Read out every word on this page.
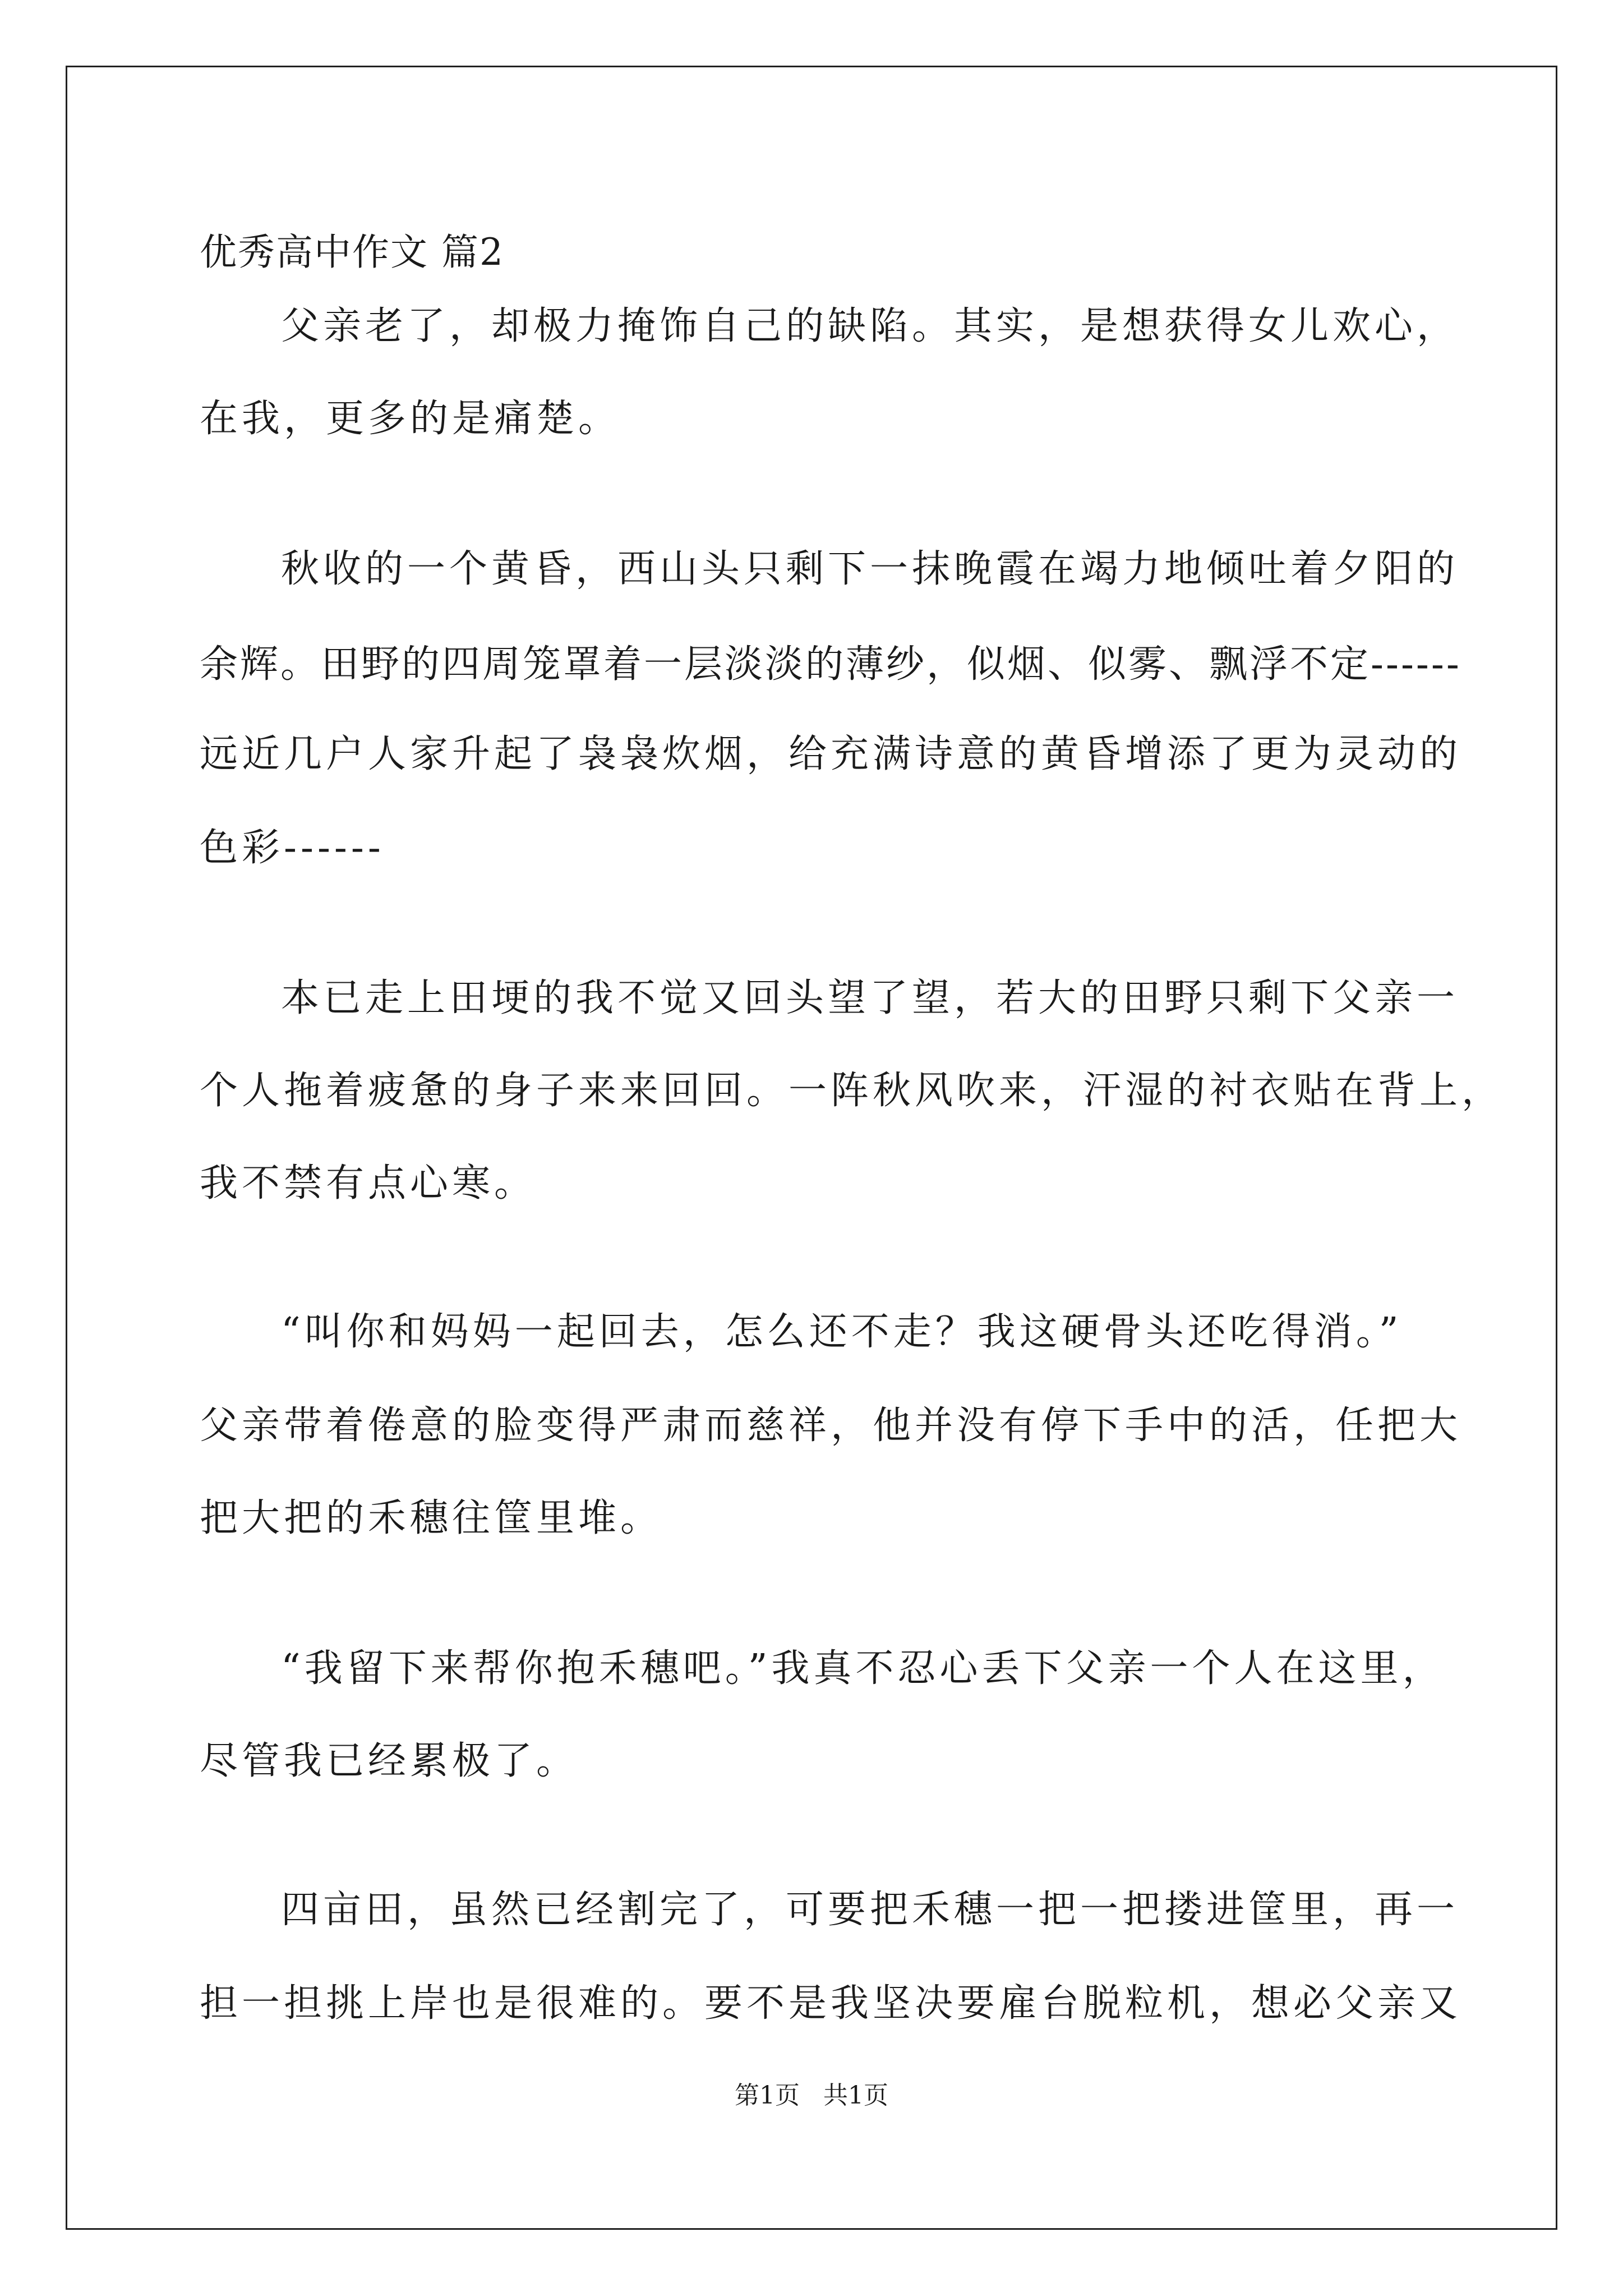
优秀高中作文 篇2
父亲老了，却极力掩饰自己的缺陷。其实，是想获得女儿欢心，
在我，更多的是痛楚。
秋收的一个黄昏，西山头只剩下一抹晚霞在竭力地倾吐着夕阳的
余辉。田野的四周笼罩着一层淡淡的薄纱，似烟、似雾、飘浮不定------
远近几户人家升起了袅袅炊烟，给充满诗意的黄昏增添了更为灵动的
色彩------
本已走上田埂的我不觉又回头望了望，若大的田野只剩下父亲一
个人拖着疲惫的身子来来回回。一阵秋风吹来，汗湿的衬衣贴在背上，
我不禁有点心寒。
“叫你和妈妈一起回去，怎么还不走？我这硬骨头还吃得消。”
父亲带着倦意的脸变得严肃而慈祥，他并没有停下手中的活，任把大
把大把的禾穗往筐里堆。
“我留下来帮你抱禾穗吧。”我真不忍心丢下父亲一个人在这里，
尽管我已经累极了。
四亩田，虽然已经割完了，可要把禾穗一把一把搂进筐里，再一
担一担挑上岸也是很难的。要不是我坚决要雇台脱粒机，想必父亲又
第1页   共1页
